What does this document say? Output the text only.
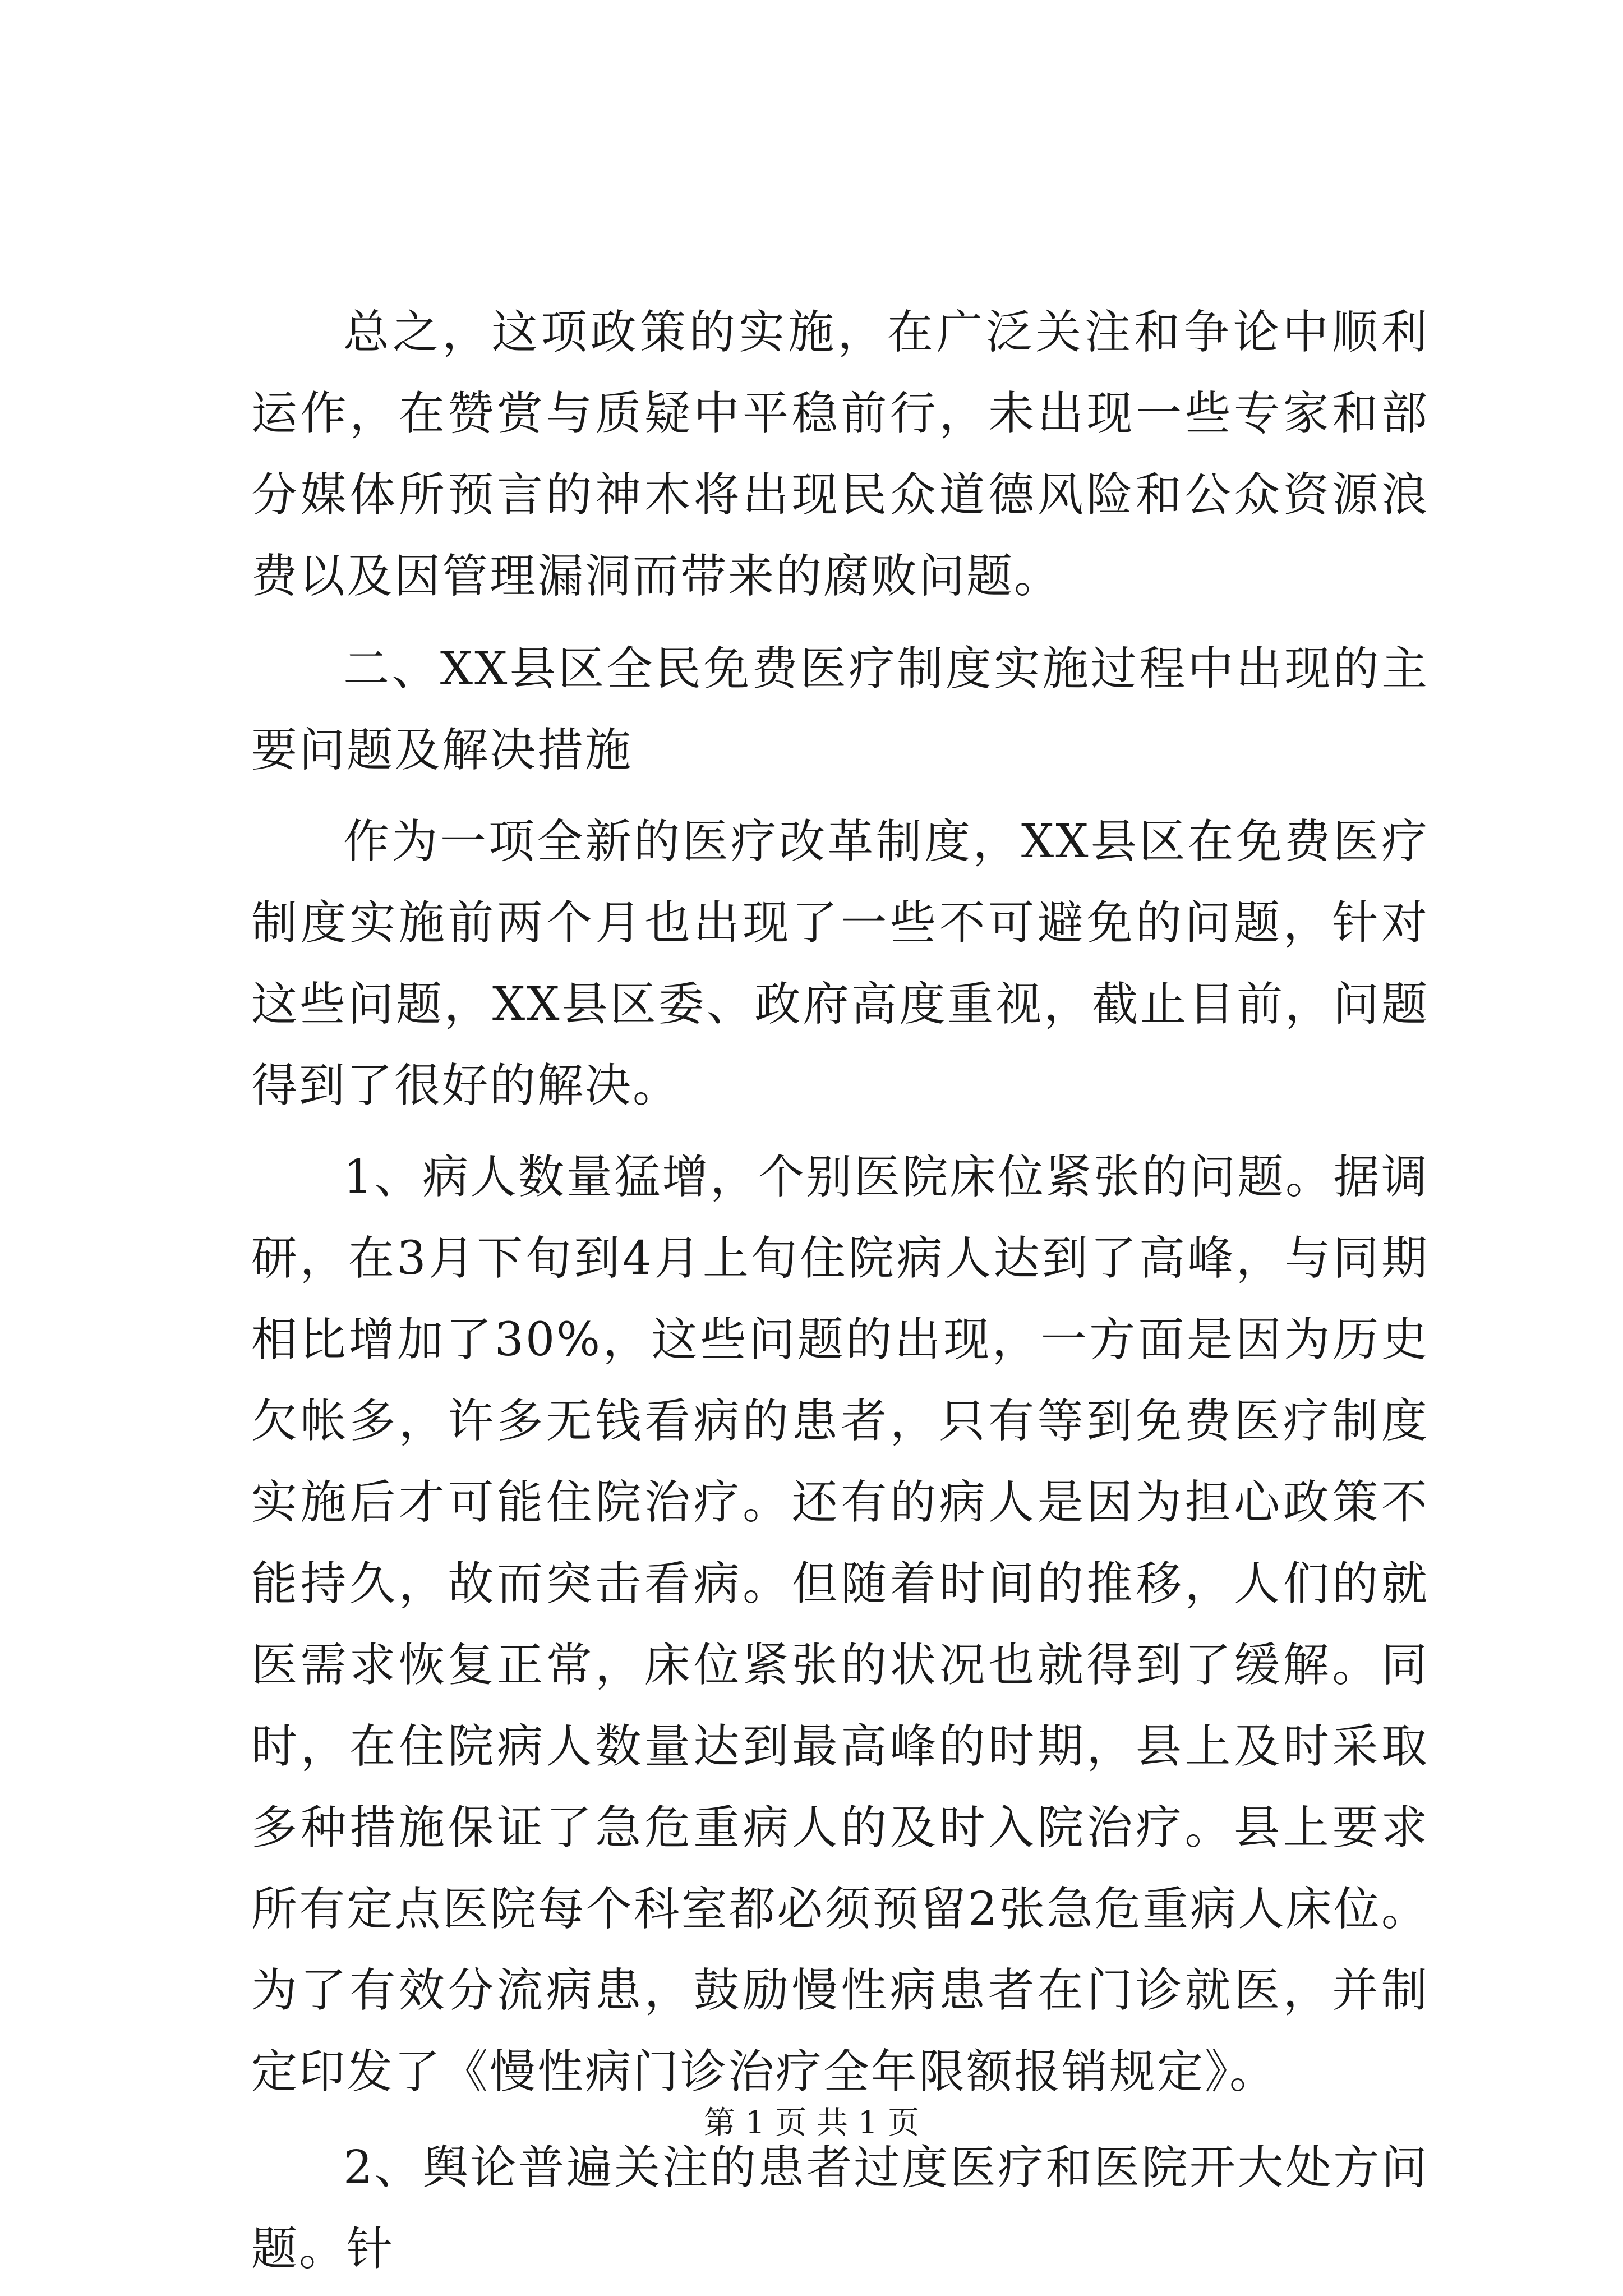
总之，这项政策的实施，在广泛关注和争论中顺利运作，在赞赏与质疑中平稳前行，未出现一些专家和部分媒体所预言的神木将出现民众道德风险和公众资源浪费以及因管理漏洞而带来的腐败问题。

二、XX县区全民免费医疗制度实施过程中出现的主要问题及解决措施

作为一项全新的医疗改革制度，XX县区在免费医疗制度实施前两个月也出现了一些不可避免的问题，针对这些问题，XX县区委、政府高度重视，截止目前，问题得到了很好的解决。

1、病人数量猛增，个别医院床位紧张的问题。据调研，在3月下旬到4月上旬住院病人达到了高峰，与同期相比增加了30%，这些问题的出现，一方面是因为历史欠帐多，许多无钱看病的患者，只有等到免费医疗制度实施后才可能住院治疗。还有的病人是因为担心政策不能持久，故而突击看病。但随着时间的推移，人们的就医需求恢复正常，床位紧张的状况也就得到了缓解。同时，在住院病人数量达到最高峰的时期，县上及时采取多种措施保证了急危重病人的及时入院治疗。县上要求所有定点医院每个科室都必须预留2张急危重病人床位。为了有效分流病患，鼓励慢性病患者在门诊就医，并制定印发了《慢性病门诊治疗全年限额报销规定》。

2、舆论普遍关注的患者过度医疗和医院开大处方问题。针

第 1 页 共 1 页
